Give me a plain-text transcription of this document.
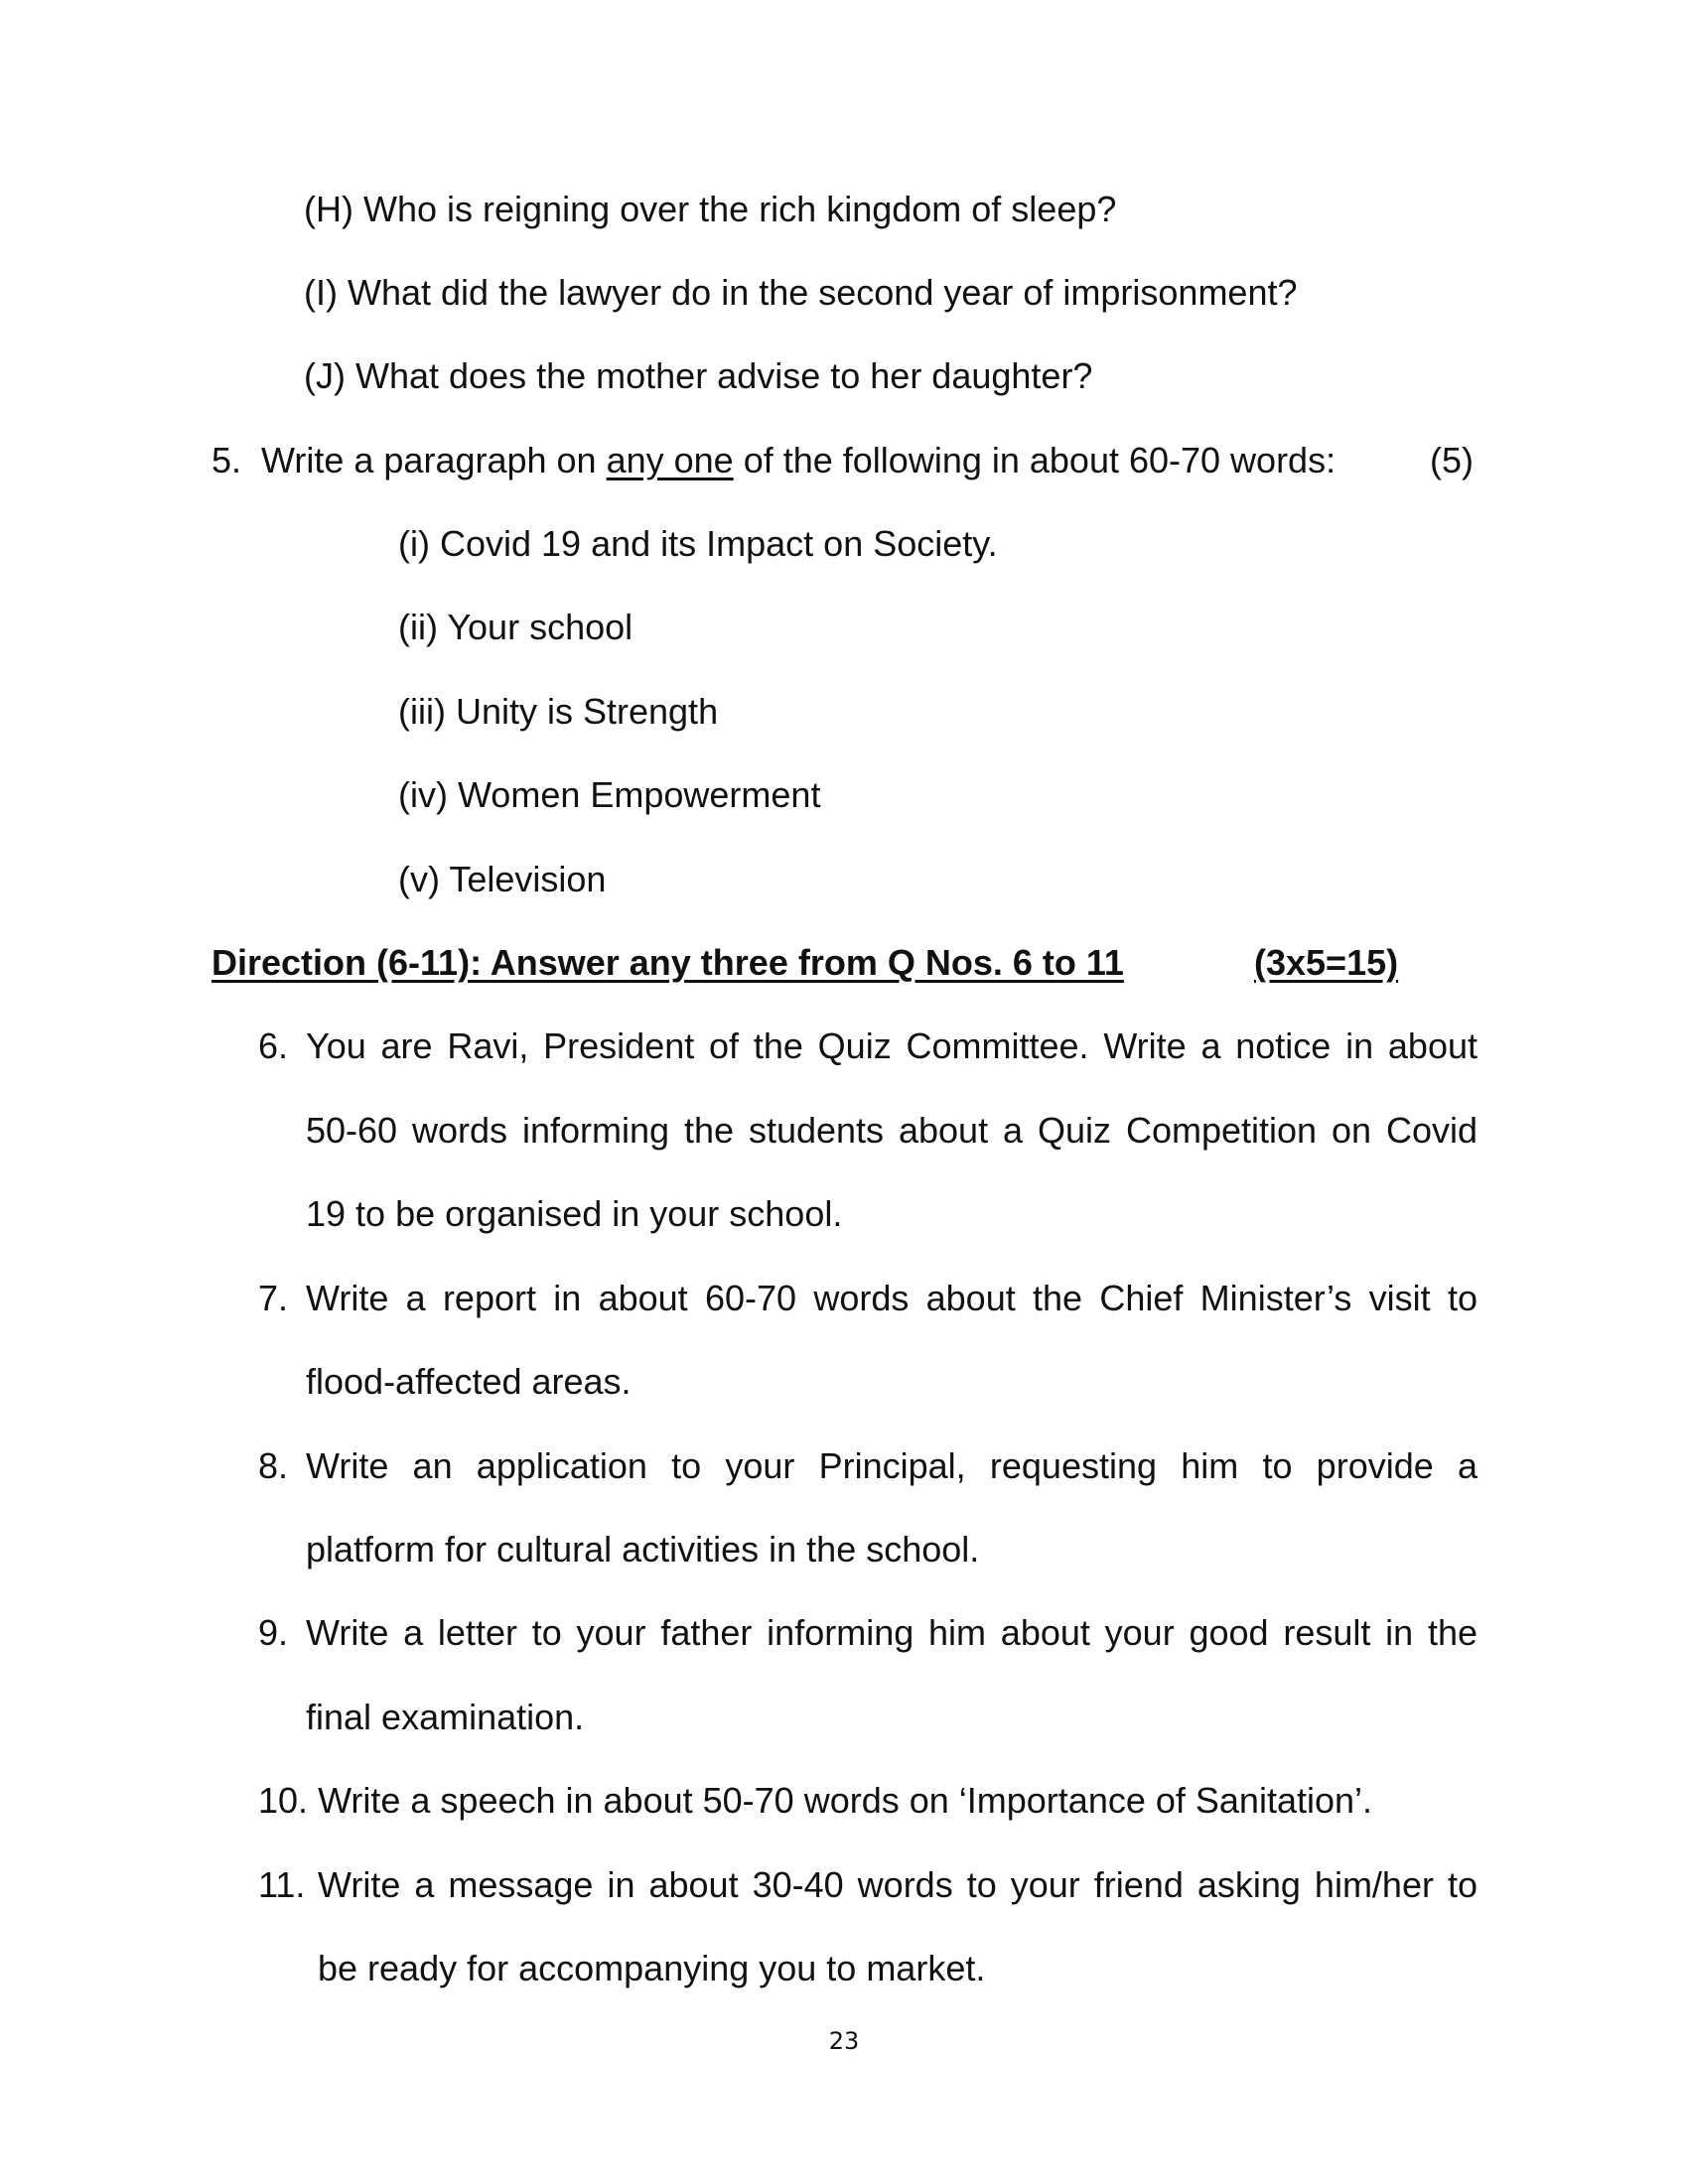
(H) Who is reigning over the rich kingdom of sleep?
(I) What did the lawyer do in the second year of imprisonment?
(J) What does the mother advise to her daughter?
5. Write a paragraph on any one of the following in about 60-70 words:	(5)
(i) Covid 19 and its Impact on Society.
(ii) Your school
(iii) Unity is Strength
(iv) Women Empowerment
(v) Television
Direction (6-11): Answer any three from Q Nos. 6 to 11	(3x5=15)
6. You are Ravi, President of the Quiz Committee. Write a notice in about
50-60 words informing the students about a Quiz Competition on Covid
19 to be organised in your school.
7. Write a report in about 60-70 words about the Chief Minister’s visit to
flood-affected areas.
8. Write an application to your Principal, requesting him to provide a
platform for cultural activities in the school.
9. Write a letter to your father informing him about your good result in the
final examination.
10. Write a speech in about 50-70 words on ‘Importance of Sanitation’.
11. Write a message in about 30-40 words to your friend asking him/her to
be ready for accompanying you to market.
23
